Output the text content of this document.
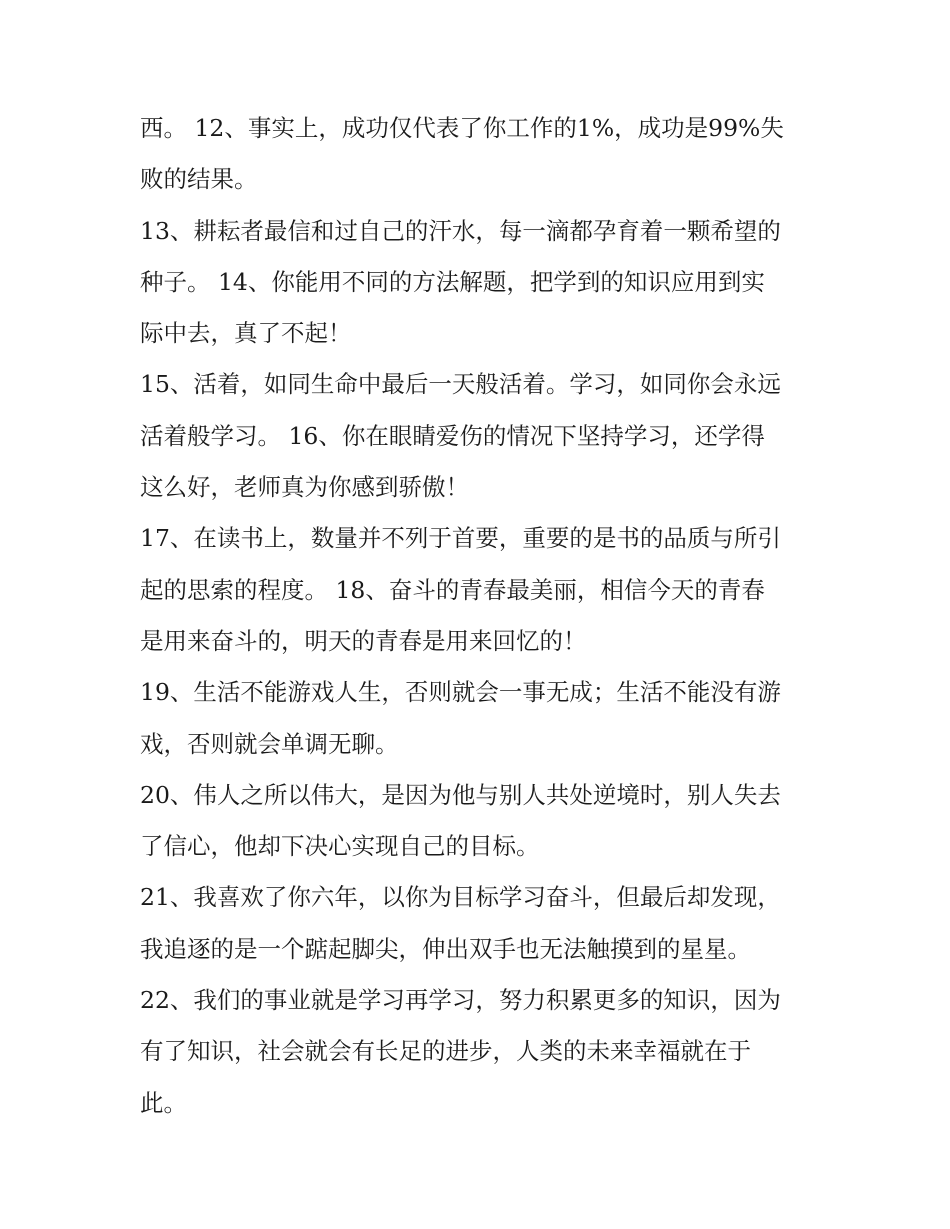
西。 12、事实上，成功仅代表了你工作的1%，成功是99%失
败的结果。
13、耕耘者最信和过自己的汗水，每一滴都孕育着一颗希望的
种子。 14、你能用不同的方法解题，把学到的知识应用到实
际中去，真了不起！
15、活着，如同生命中最后一天般活着。学习，如同你会永远
活着般学习。 16、你在眼睛爱伤的情况下坚持学习，还学得
这么好，老师真为你感到骄傲！
17、在读书上，数量并不列于首要，重要的是书的品质与所引
起的思索的程度。 18、奋斗的青春最美丽，相信今天的青春
是用来奋斗的，明天的青春是用来回忆的！
19、生活不能游戏人生，否则就会一事无成；生活不能没有游
戏，否则就会单调无聊。
20、伟人之所以伟大，是因为他与别人共处逆境时，别人失去
了信心，他却下决心实现自己的目标。
21、我喜欢了你六年，以你为目标学习奋斗，但最后却发现，
我追逐的是一个踮起脚尖，伸出双手也无法触摸到的星星。
22、我们的事业就是学习再学习，努力积累更多的知识，因为
有了知识，社会就会有长足的进步，人类的未来幸福就在于
此。
